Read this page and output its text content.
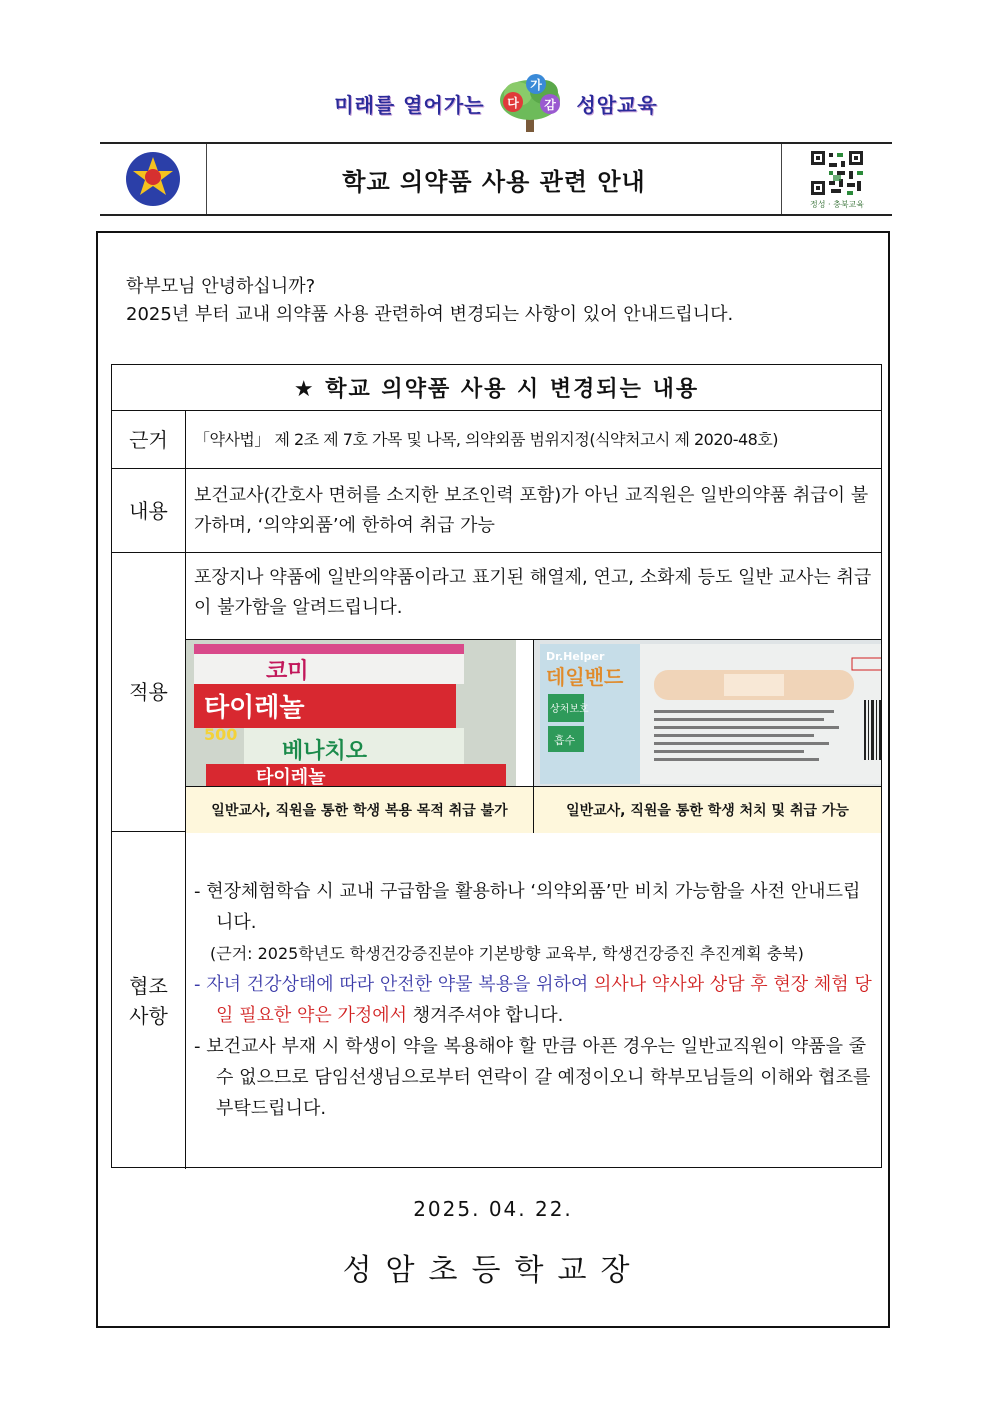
미래를 열어가는 다
가
감 성암교육
학교 의약품 사용 관련 안내
정성 · 충북교육
학부모님 안녕하십니까?
2025년 부터 교내 의약품 사용 관련하여 변경되는 사항이 있어 안내드립니다.
★ 학교 의약품 사용 시 변경되는 내용
근거	「약사법」 제 2조 제 7호 가목 및 나목, 의약외품 범위지정(식약처고시 제 2020-48호)
내용
보건교사(간호사 면허를 소지한 보조인력 포함)가 아닌 교직원은 일반의약품 취급이 불가하며, ‘의약외품’에 한하여 취급 가능
적용
포장지나 약품에 일반의약품이라고 표기된 해열제, 연고, 소화제 등도 일반 교사는 취급이 불가함을 알려드립니다.
코미
타이레놀
500
베나치오
타이레놀
Dr.Helper
데일밴드
상처보호
흡수
일반교사, 직원을 통한 학생 복용 목적 취급 불가	일반교사, 직원을 통한 학생 처치 및 취급 가능
협조
사항
- 현장체험학습 시 교내 구급함을 활용하나 ‘의약외품’만 비치 가능함을 사전 안내드립니다.
(근거: 2025학년도 학생건강증진분야 기본방향 교육부, 학생건강증진 추진계획 충북)
- 자녀 건강상태에 따라 안전한 약물 복용을 위하여 의사나 약사와 상담 후 현장 체험 당일 필요한 약은 가정에서 챙겨주셔야 합니다.
- 보건교사 부재 시 학생이 약을 복용해야 할 만큼 아픈 경우는 일반교직원이 약품을 줄 수 없으므로 담임선생님으로부터 연락이 갈 예정이오니 학부모님들의 이해와 협조를 부탁드립니다.
2025. 04. 22.
성암초등학교장
